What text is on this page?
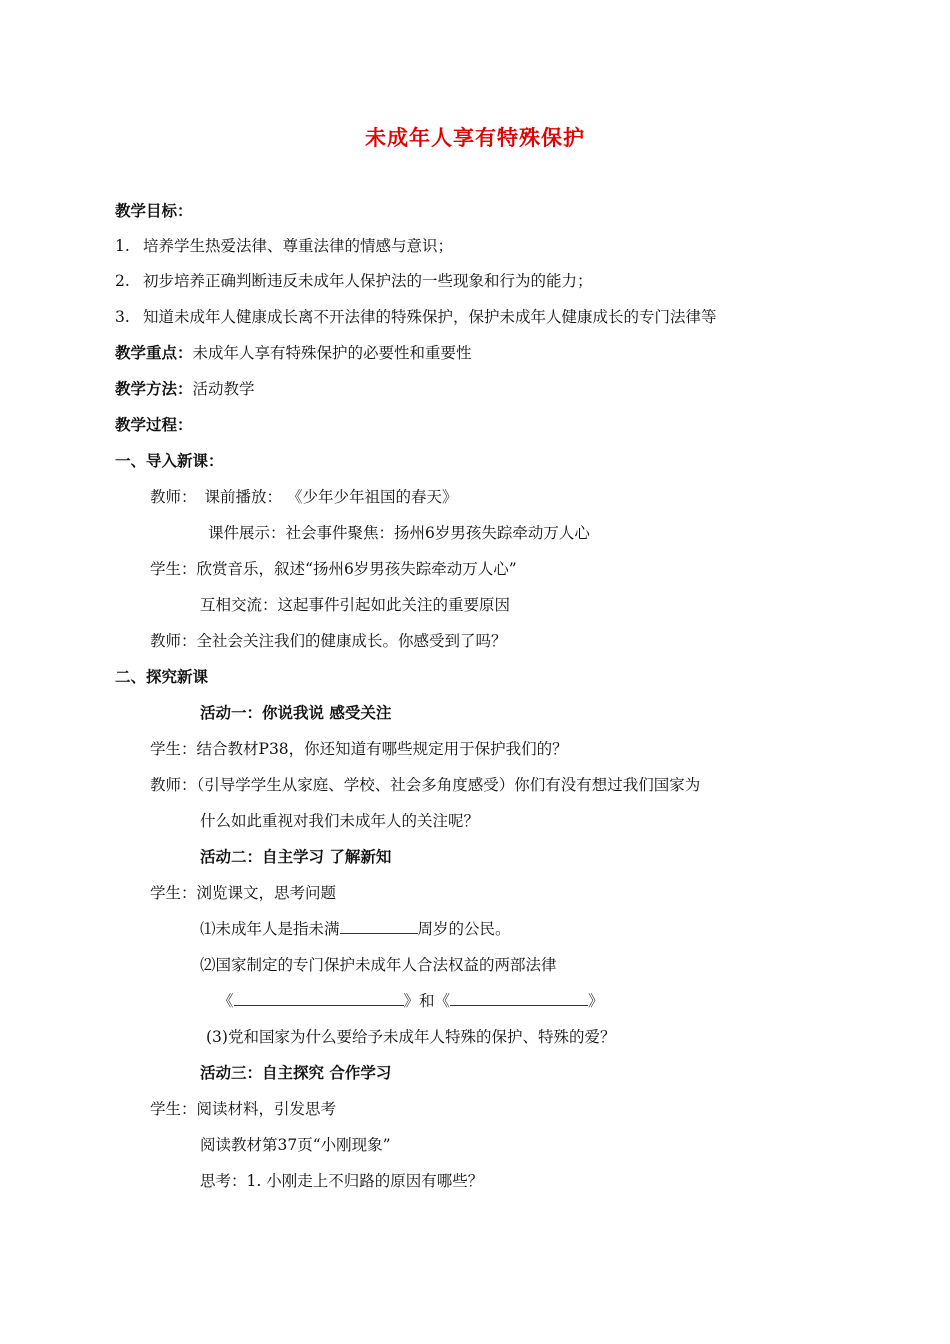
未成年人享有特殊保护
教学目标：
1. 培养学生热爱法律、尊重法律的情感与意识；
2. 初步培养正确判断违反未成年人保护法的一些现象和行为的能力；
3. 知道未成年人健康成长离不开法律的特殊保护，保护未成年人健康成长的专门法律等
教学重点：未成年人享有特殊保护的必要性和重要性
教学方法：活动教学
教学过程：
一、导入新课：
教师： 课前播放： 《少年少年祖国的春天》
课件展示：社会事件聚焦：扬州6岁男孩失踪牵动万人心
学生：欣赏音乐，叙述“扬州6岁男孩失踪牵动万人心”
互相交流：这起事件引起如此关注的重要原因
教师：全社会关注我们的健康成长。你感受到了吗？
二、探究新课
活动一：你说我说 感受关注
学生：结合教材P38，你还知道有哪些规定用于保护我们的？
教师：（引导学学生从家庭、学校、社会多角度感受）你们有没有想过我们国家为
什么如此重视对我们未成年人的关注呢？
活动二：自主学习 了解新知
学生：浏览课文，思考问题
⑴未成年人是指未满	周岁的公民。
⑵国家制定的专门保护未成年人合法权益的两部法律
《	》和《	》
(3)党和国家为什么要给予未成年人特殊的保护、特殊的爱？
活动三：自主探究 合作学习
学生：阅读材料，引发思考
阅读教材第37页“小刚现象”
思考：1. 小刚走上不归路的原因有哪些？
